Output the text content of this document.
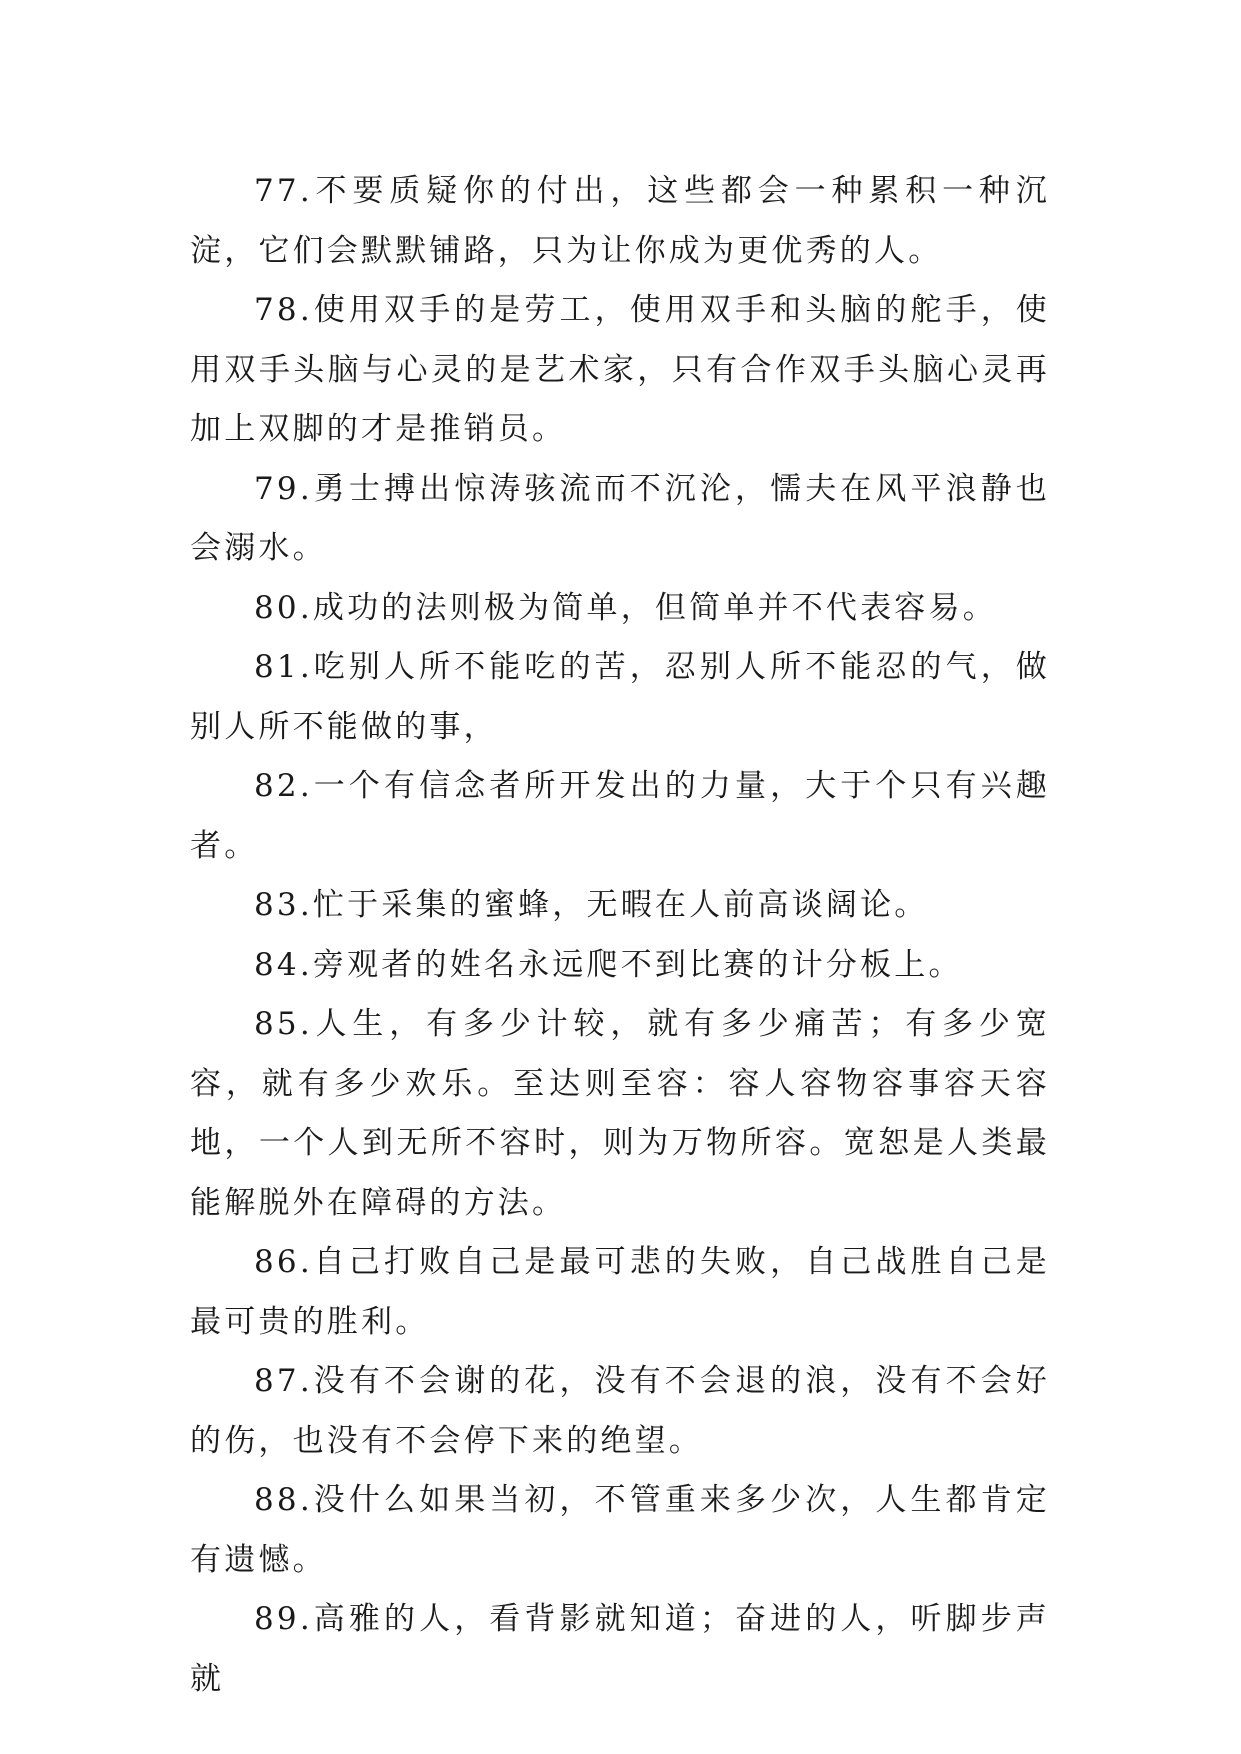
77.不要质疑你的付出，这些都会一种累积一种沉淀，它们会默默铺路，只为让你成为更优秀的人。

78.使用双手的是劳工，使用双手和头脑的舵手，使用双手头脑与心灵的是艺术家，只有合作双手头脑心灵再加上双脚的才是推销员。

79.勇士搏出惊涛骇流而不沉沦，懦夫在风平浪静也会溺水。

80.成功的法则极为简单，但简单并不代表容易。

81.吃别人所不能吃的苦，忍别人所不能忍的气，做别人所不能做的事，

82.一个有信念者所开发出的力量，大于个只有兴趣者。

83.忙于采集的蜜蜂，无暇在人前高谈阔论。

84.旁观者的姓名永远爬不到比赛的计分板上。

85.人生，有多少计较，就有多少痛苦；有多少宽容，就有多少欢乐。至达则至容：容人容物容事容天容地，一个人到无所不容时，则为万物所容。宽恕是人类最能解脱外在障碍的方法。

86.自己打败自己是最可悲的失败，自己战胜自己是最可贵的胜利。

87.没有不会谢的花，没有不会退的浪，没有不会好的伤，也没有不会停下来的绝望。

88.没什么如果当初，不管重来多少次，人生都肯定有遗憾。

89.高雅的人，看背影就知道；奋进的人，听脚步声就
